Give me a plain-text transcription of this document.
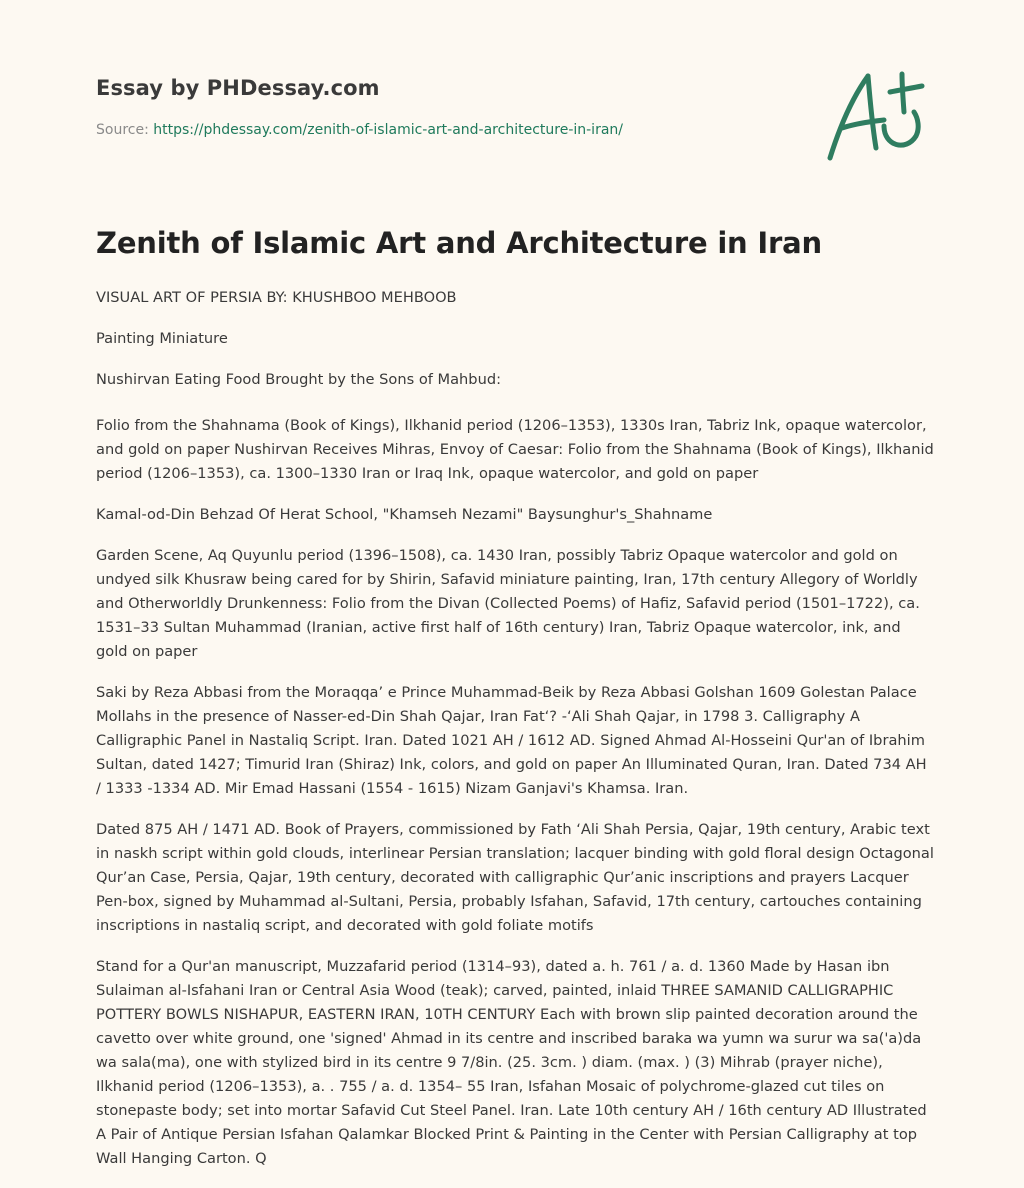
Essay by PHDessay.com

Source: https://phdessay.com/zenith-of-islamic-art-and-architecture-in-iran/
Zenith of Islamic Art and Architecture in Iran

VISUAL ART OF PERSIA BY: KHUSHBOO MEHBOOB

Painting Miniature

Nushirvan Eating Food Brought by the Sons of Mahbud:

Folio from the Shahnama (Book of Kings), Ilkhanid period (1206–1353), 1330s Iran, Tabriz Ink, opaque watercolor, and gold on paper Nushirvan Receives Mihras, Envoy of Caesar: Folio from the Shahnama (Book of Kings), Ilkhanid period (1206–1353), ca. 1300–1330 Iran or Iraq Ink, opaque watercolor, and gold on paper

Kamal-od-Din Behzad Of Herat School, "Khamseh Nezami" Baysunghur's_Shahname

Garden Scene, Aq Quyunlu period (1396–1508), ca. 1430 Iran, possibly Tabriz Opaque watercolor and gold on undyed silk Khusraw being cared for by Shirin, Safavid miniature painting, Iran, 17th century Allegory of Worldly and Otherworldly Drunkenness: Folio from the Divan (Collected Poems) of Hafiz, Safavid period (1501–1722), ca. 1531–33 Sultan Muhammad (Iranian, active first half of 16th century) Iran, Tabriz Opaque watercolor, ink, and gold on paper

Saki by Reza Abbasi from the Moraqqa’ e Prince Muhammad-Beik by Reza Abbasi Golshan 1609 Golestan Palace Mollahs in the presence of Nasser-ed-Din Shah Qajar, Iran Fat‘? -‘Ali Shah Qajar, in 1798 3. Calligraphy A Calligraphic Panel in Nastaliq Script. Iran. Dated 1021 AH / 1612 AD. Signed Ahmad Al-Hosseini Qur'an of Ibrahim Sultan, dated 1427; Timurid Iran (Shiraz) Ink, colors, and gold on paper An Illuminated Quran, Iran. Dated 734 AH / 1333 -1334 AD. Mir Emad Hassani (1554 - 1615) Nizam Ganjavi's Khamsa. Iran.

Dated 875 AH / 1471 AD. Book of Prayers, commissioned by Fath ‘Ali Shah Persia, Qajar, 19th century, Arabic text in naskh script within gold clouds, interlinear Persian translation; lacquer binding with gold floral design Octagonal Qur’an Case, Persia, Qajar, 19th century, decorated with calligraphic Qur’anic inscriptions and prayers Lacquer Pen-box, signed by Muhammad al-Sultani, Persia, probably Isfahan, Safavid, 17th century, cartouches containing inscriptions in nastaliq script, and decorated with gold foliate motifs

Stand for a Qur'an manuscript, Muzzafarid period (1314–93), dated a. h. 761 / a. d. 1360 Made by Hasan ibn Sulaiman al-Isfahani Iran or Central Asia Wood (teak); carved, painted, inlaid THREE SAMANID CALLIGRAPHIC POTTERY BOWLS NISHAPUR, EASTERN IRAN, 10TH CENTURY Each with brown slip painted decoration around the cavetto over white ground, one 'signed' Ahmad in its centre and inscribed baraka wa yumn wa surur wa sa('a)da wa sala(ma), one with stylized bird in its centre 9 7/8in. (25. 3cm. ) diam. (max. ) (3) Mihrab (prayer niche), Ilkhanid period (1206–1353), a. . 755 / a. d. 1354– 55 Iran, Isfahan Mosaic of polychrome-glazed cut tiles on stonepaste body; set into mortar Safavid Cut Steel Panel. Iran. Late 10th century AH / 16th century AD Illustrated A Pair of Antique Persian Isfahan Qalamkar Blocked Print & Painting in the Center with Persian Calligraphy at top Wall Hanging Carton. Q
